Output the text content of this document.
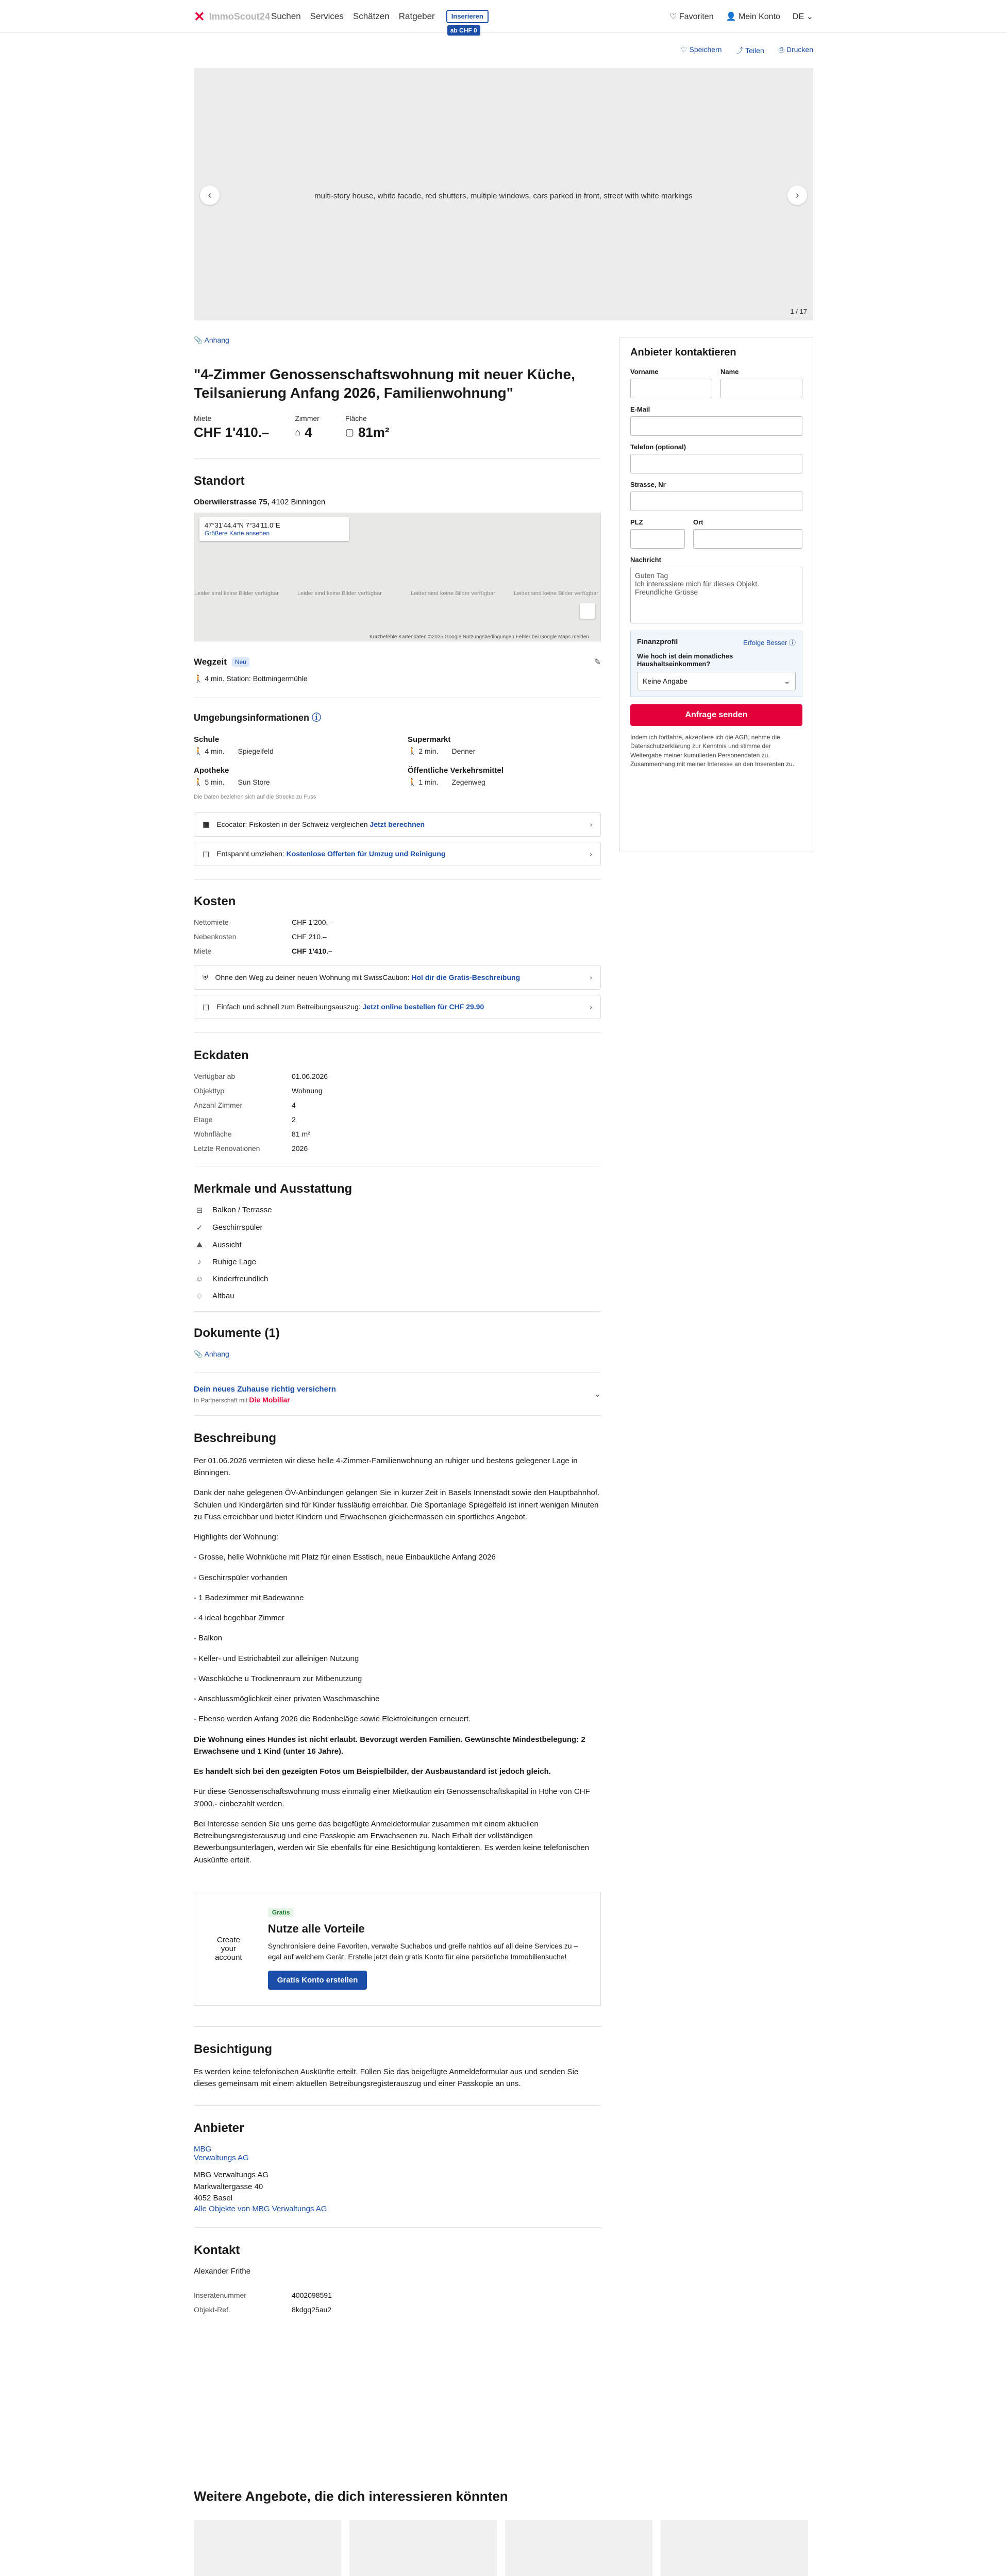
✕ ImmoScout24 Suchen Services Schätzen Ratgeber	Inserieren
ab CHF 0
♡ Favoriten 👤 Mein Konto DE ⌄
♡ Speichern ⤴ Teilen ⎙ Drucken
multi-story house, white facade, red shutters, multiple windows, cars parked in front, street with white markings
‹	›
1 / 17
📎 Anhang
"4-Zimmer Genossenschaftswohnung mit neuer Küche, Teilsanierung Anfang 2026, Familienwohnung"
Miete
CHF 1'410.–
Zimmer
⌂ 4
Fläche
▢ 81m²
Standort
Oberwilerstrasse 75, 4102 Binningen
47°31'44.4"N 7°34'11.0"E
Größere Karte ansehen
Leider sind keine Bilder verfügbar	Leider sind keine Bilder verfügbar	Leider sind keine Bilder verfügbar	Leider sind keine Bilder verfügbar
Kurzbefehle Kartendaten ©2025 Google Nutzungsbedingungen Fehler bei Google Maps melden
Wegzeit	Neu	✎
🚶 4 min. Station: Bottmingermühle
Umgebungsinformationen ⓘ
Schule
🚶 4 min. Spiegelfeld
Supermarkt
🚶 2 min. Denner
Apotheke
🚶 5 min. Sun Store
Öffentliche Verkehrsmittel
🚶 1 min. Zegenweg
Die Daten beziehen sich auf die Strecke zu Fuss
▦ Ecocator: Fiskosten in der Schweiz vergleichen Jetzt berechnen	›
▤ Entspannt umziehen: Kostenlose Offerten für Umzug und Reinigung	›
Kosten
Nettomiete	CHF 1'200.–
Nebenkosten	CHF 210.–
Miete	CHF 1'410.–
⛨ Ohne den Weg zu deiner neuen Wohnung mit SwissCaution: Hol dir die Gratis-Beschreibung	›
▤ Einfach und schnell zum Betreibungsauszug: Jetzt online bestellen für CHF 29.90	›
Eckdaten
Verfügbar ab	01.06.2026
Objekttyp	Wohnung
Anzahl Zimmer	4
Etage	2
Wohnfläche	81 m²
Letzte Renovationen	2026
Merkmale und Ausstattung
⊟	Balkon / Terrasse
✓	Geschirrspüler
⛰	Aussicht
♪	Ruhige Lage
☺ Kinderfreundlich
♢ Altbau
Dokumente (1)
📎 Anhang
Dein neues Zuhause richtig versichern
In Partnerschaft mit Die Mobiliar
⌄
Beschreibung

Per 01.06.2026 vermieten wir diese helle 4-Zimmer-Familienwohnung an ruhiger und bestens gelegener Lage in Binningen.

Dank der nahe gelegenen ÖV-Anbindungen gelangen Sie in kurzer Zeit in Basels Innenstadt sowie den Hauptbahnhof. Schulen und Kindergärten sind für Kinder fussläufig erreichbar. Die Sportanlage Spiegelfeld ist innert wenigen Minuten zu Fuss erreichbar und bietet Kindern und Erwachsenen gleichermassen ein sportliches Angebot.

Highlights der Wohnung:

- Grosse, helle Wohnküche mit Platz für einen Esstisch, neue Einbauküche Anfang 2026

- Geschirrspüler vorhanden

- 1 Badezimmer mit Badewanne

- 4 ideal begehbar Zimmer

- Balkon

- Keller- und Estrichabteil zur alleinigen Nutzung

- Waschküche u Trocknenraum zur Mitbenutzung

- Anschlussmöglichkeit einer privaten Waschmaschine

- Ebenso werden Anfang 2026 die Bodenbeläge sowie Elektroleitungen erneuert.

Die Wohnung eines Hundes ist nicht erlaubt. Bevorzugt werden Familien. Gewünschte Mindestbelegung: 2 Erwachsene und 1 Kind (unter 16 Jahre).

Es handelt sich bei den gezeigten Fotos um Beispielbilder, der Ausbaustandard ist jedoch gleich.

Für diese Genossenschaftswohnung muss einmalig einer Mietkaution ein Genossenschaftskapital in Höhe von CHF 3'000.- einbezahlt werden.

Bei Interesse senden Sie uns gerne das beigefügte Anmeldeformular zusammen mit einem aktuellen Betreibungsregisterauszug und eine Passkopie am Erwachsenen zu. Nach Erhalt der vollständigen Bewerbungsunterlagen, werden wir Sie ebenfalls für eine Besichtigung kontaktieren. Es werden keine telefonischen Auskünfte erteilt.

Create your account
Gratis
Nutze alle Vorteile
Synchronisiere deine Favoriten, verwalte Suchabos und greife nahtlos auf all deine Services zu – egal auf welchem Gerät. Erstelle jetzt dein gratis Konto für eine persönliche Immobiliensuche!
Gratis Konto erstellen
Besichtigung

Es werden keine telefonischen Auskünfte erteilt. Füllen Sie das beigefügte Anmeldeformular aus und senden Sie dieses gemeinsam mit einem aktuellen Betreibungsregisterauszug und einer Passkopie an uns.

Anbieter
MBG Verwaltungs AG
MBG Verwaltungs AG
Markwaltergasse 40
4052 Basel
Alle Objekte von MBG Verwaltungs AG
Kontakt
Alexander Frithe
Inseratenummer	4002098591
Objekt-Ref.	8kdgq25au2
Anbieter kontaktieren
Vorname	Name
E-Mail
Telefon (optional)
Strasse, Nr
PLZ	Ort
Nachricht
Guten Tag
Ich interessiere mich für dieses Objekt.
Freundliche Grüsse
Finanzprofil	Erfolge Besser ⓘ
Wie hoch ist dein monatliches Haushaltseinkommen?
Keine Angabe	⌄
Anfrage senden
Indem ich fortfahre, akzeptiere ich die AGB, nehme die Datenschutzerklärung zur Kenntnis und stimme der Weitergabe meiner kumulierten Personendaten zu. Zusammenhang mit meiner Interesse an den Inserenten zu.
Weitere Angebote, die dich interessieren könnten
